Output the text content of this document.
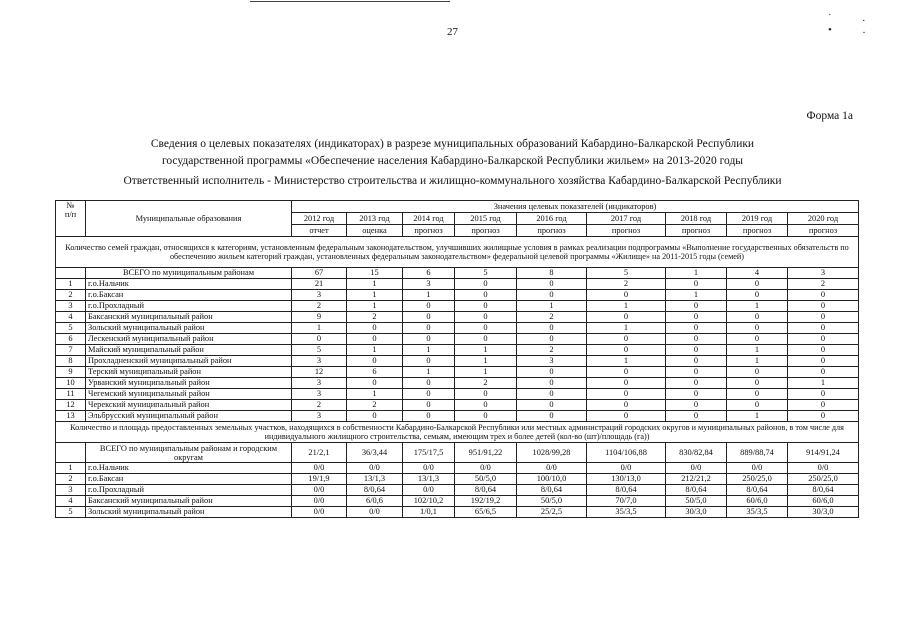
27
˙ . • .
Форма 1а
Сведения о целевых показателях (индикаторах) в разрезе муниципальных образований Кабардино-Балкарской Республики
государственной программы «Обеспечение населения Кабардино-Балкарской Республики жильем» на 2013-2020 годы
Ответственный исполнитель - Министерство строительства и жилищно-коммунального хозяйства Кабардино-Балкарской Республики
№
п/п	Муниципальные образования	Значения целевых показателей (индикаторов)								
		2012 год	2013 год	2014 год	2015 год	2016 год	2017 год	2018 год	2019 год	2020 год
		отчет	оценка	прогноз	прогноз	прогноз	прогноз	прогноз	прогноз	прогноз
Количество семей граждан, относящихся к категориям, установленным федеральным законодательством, улучшивших жилищные условия в рамках реализации подпрограммы «Выполнение государственных обязательств по обеспечению жильем категорий граждан, установленных федеральным законодательством» федеральной целевой программы «Жилище» на 2011-2015 годы (семей)										
	ВСЕГО по муниципальным районам	67	15	6	5	8	5	1	4	3
1	г.о.Нальчик	21	1	3	0	0	2	0	0	2
2	г.о.Баксан	3	1	1	0	0	0	1	0	0
3	г.о.Прохладный	2	1	0	0	1	1	0	1	0
4	Баксанский муниципальный район	9	2	0	0	2	0	0	0	0
5	Зольский муниципальный район	1	0	0	0	0	1	0	0	0
6	Лескенский муниципальный район	0	0	0	0	0	0	0	0	0
7	Майский муниципальный район	5	1	1	1	2	0	0	1	0
8	Прохладненский муниципальный район	3	0	0	1	3	1	0	1	0
9	Терский муниципальный район	12	6	1	1	0	0	0	0	0
10	Урванский муниципальный район	3	0	0	2	0	0	0	0	1
11	Чегемский муниципальный район	3	1	0	0	0	0	0	0	0
12	Черекский муниципальный район	2	2	0	0	0	0	0	0	0
13	Эльбрусский муниципальный район	3	0	0	0	0	0	0	1	0
Количество и площадь предоставленных земельных участков, находящихся в собственности Кабардино-Балкарской Республики или местных администраций городских округов и муниципальных районов, в том числе для индивидуального жилищного строительства, семьям, имеющим трех и более детей (кол-во (шт)/площадь (га))										
	ВСЕГО по муниципальным районам и городским округам	21/2,1	36/3,44	175/17,5	951/91,22	1028/99,28	1104/106,88	830/82,84	889/88,74	914/91,24
1	г.о.Нальчик	0/0	0/0	0/0	0/0	0/0	0/0	0/0	0/0	0/0
2	г.о.Баксан	19/1,9	13/1,3	13/1,3	50/5,0	100/10,0	130/13,0	212/21,2	250/25,0	250/25,0
3	г.о.Прохладный	0/0	8/0,64	0/0	8/0,64	8/0,64	8/0,64	8/0,64	8/0,64	8/0,64
4	Баксанский муниципальный район	0/0	6/0,6	102/10,2	192/19,2	50/5,0	70/7,0	50/5,0	60/6,0	60/6,0
5	Зольский муниципальный район	0/0	0/0	1/0,1	65/6,5	25/2,5	35/3,5	30/3,0	35/3,5	30/3,0
